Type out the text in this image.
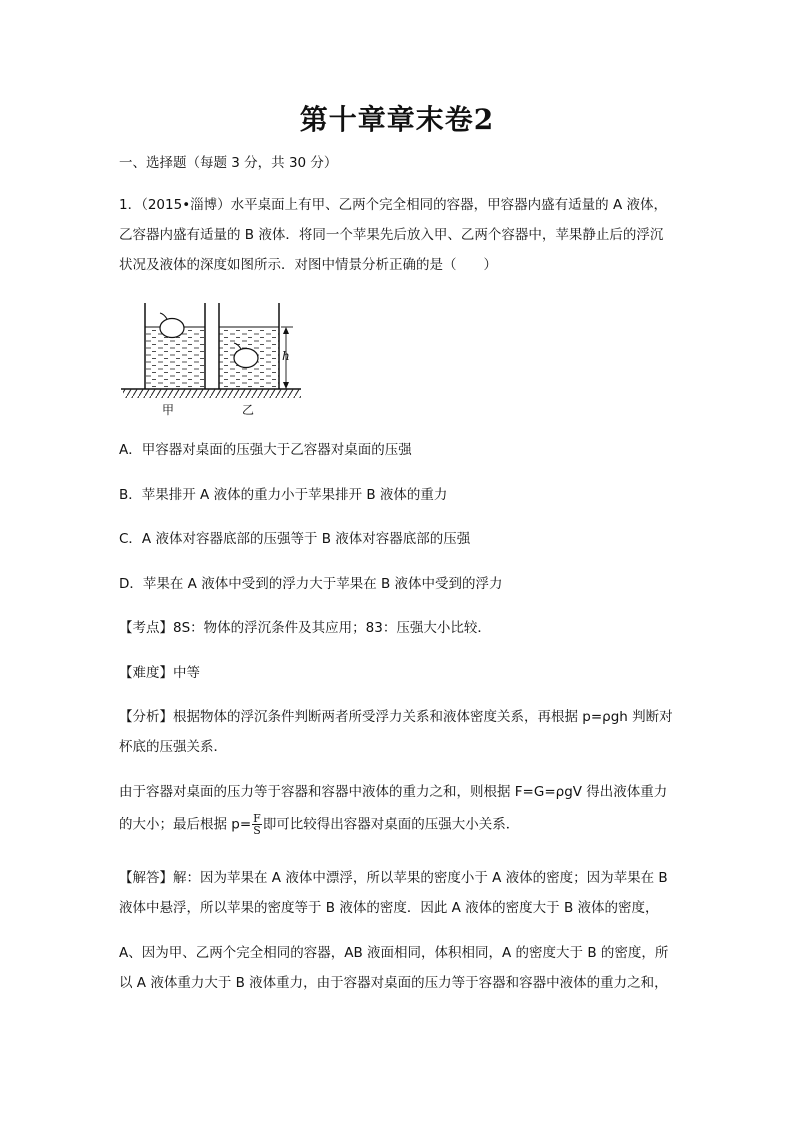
第十章章末卷2
一、选择题（每题 3 分，共 30 分）
1．（2015•淄博）水平桌面上有甲、乙两个完全相同的容器，甲容器内盛有适量的 A 液体，
乙容器内盛有适量的 B 液体．将同一个苹果先后放入甲、乙两个容器中，苹果静止后的浮沉
状况及液体的深度如图所示．对图中情景分析正确的是（　　）
h
甲	乙
A．甲容器对桌面的压强大于乙容器对桌面的压强
B．苹果排开 A 液体的重力小于苹果排开 B 液体的重力
C．A 液体对容器底部的压强等于 B 液体对容器底部的压强
D．苹果在 A 液体中受到的浮力大于苹果在 B 液体中受到的浮力
【考点】8S：物体的浮沉条件及其应用；83：压强大小比较．
【难度】中等
【分析】根据物体的浮沉条件判断两者所受浮力关系和液体密度关系，再根据 p=ρgh 判断对
杯底的压强关系．
由于容器对桌面的压力等于容器和容器中液体的重力之和，则根据 F=G=ρgV 得出液体重力
的大小；最后根据 $p= \frac{F}{S}$ 即可比较得出容器对桌面的压强大小关系．
【解答】解：因为苹果在 A 液体中漂浮，所以苹果的密度小于 A 液体的密度；因为苹果在 B
液体中悬浮，所以苹果的密度等于 B 液体的密度．因此 A 液体的密度大于 B 液体的密度，
A、因为甲、乙两个完全相同的容器，AB 液面相同，体积相同，A 的密度大于 B 的密度，所
以 A 液体重力大于 B 液体重力，由于容器对桌面的压力等于容器和容器中液体的重力之和，
